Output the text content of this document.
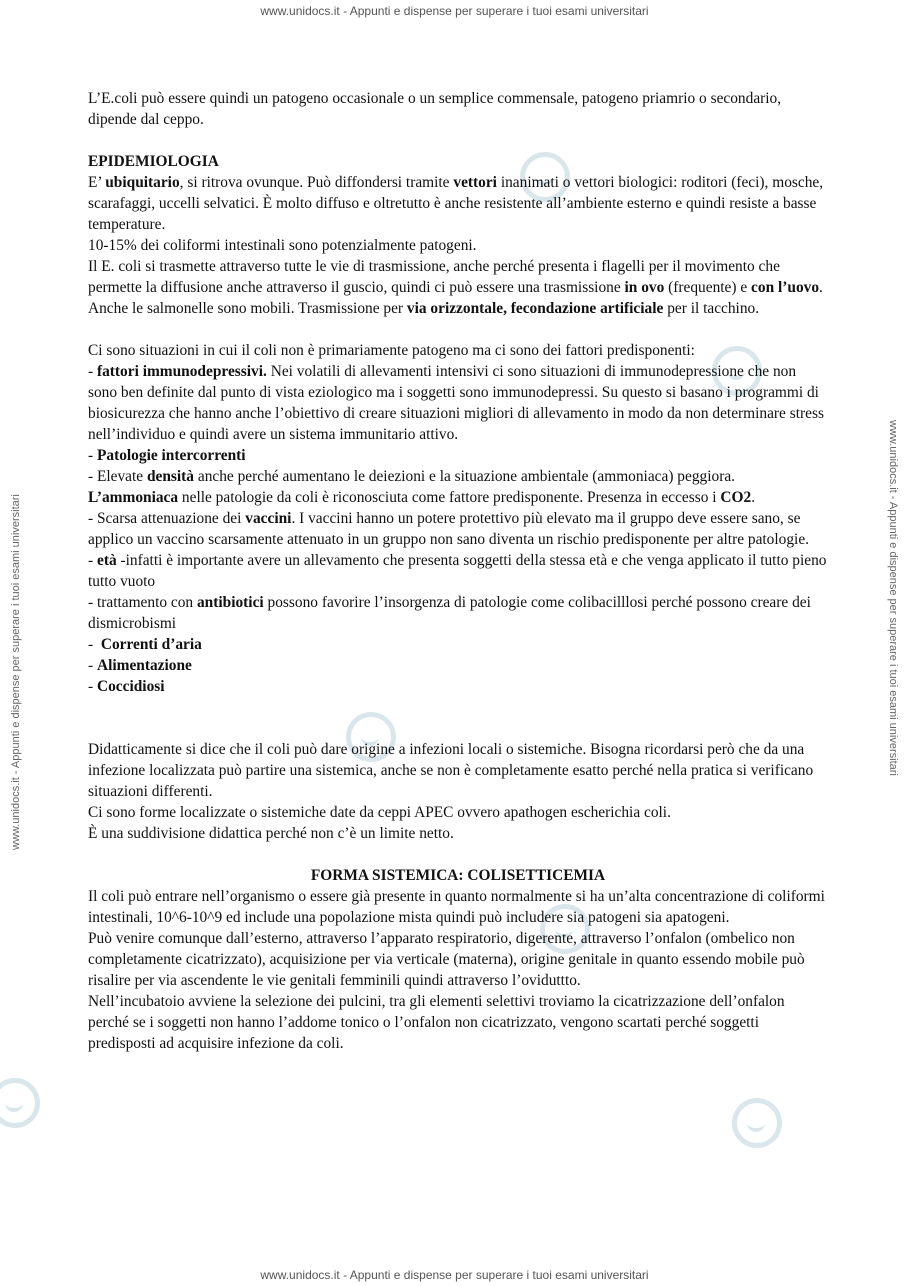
www.unidocs.it - Appunti e dispense per superare i tuoi esami universitari
www.unidocs.it - Appunti e dispense per superare i tuoi esami universitari	www.unidocs.it - Appunti e dispense per superare i tuoi esami universitari

L’E.coli può essere quindi un patogeno occasionale o un semplice commensale, patogeno priamrio o secondario, dipende dal ceppo.

EPIDEMIOLOGIA

E’ ubiquitario, si ritrova ovunque. Può diffondersi tramite vettori inanimati o vettori biologici: roditori (feci), mosche, scarafaggi, uccelli selvatici. È molto diffuso e oltretutto è anche resistente all’ambiente esterno e quindi resiste a basse temperature.

10-15% dei coliformi intestinali sono potenzialmente patogeni.

Il E. coli si trasmette attraverso tutte le vie di trasmissione, anche perché presenta i flagelli per il movimento che permette la diffusione anche attraverso il guscio, quindi ci può essere una trasmissione in ovo (frequente) e con l’uovo. Anche le salmonelle sono mobili. Trasmissione per via orizzontale, fecondazione artificiale per il tacchino.

Ci sono situazioni in cui il coli non è primariamente patogeno ma ci sono dei fattori predisponenti:

- fattori immunodepressivi. Nei volatili di allevamenti intensivi ci sono situazioni di immunodepressione che non sono ben definite dal punto di vista eziologico ma i soggetti sono immunodepressi. Su questo si basano i programmi di biosicurezza che hanno anche l’obiettivo di creare situazioni migliori di allevamento in modo da non determinare stress nell’individuo e quindi avere un sistema immunitario attivo.

- Patologie intercorrenti

- Elevate densità anche perché aumentano le deiezioni e la situazione ambientale (ammoniaca) peggiora. L’ammoniaca nelle patologie da coli è riconosciuta come fattore predisponente. Presenza in eccesso i CO2.

- Scarsa attenuazione dei vaccini. I vaccini hanno un potere protettivo più elevato ma il gruppo deve essere sano, se applico un vaccino scarsamente attenuato in un gruppo non sano diventa un rischio predisponente per altre patologie.

- età -infatti è importante avere un allevamento che presenta soggetti della stessa età e che venga applicato il tutto pieno tutto vuoto

- trattamento con antibiotici possono favorire l’insorgenza di patologie come colibacilllosi perché possono creare dei dismicrobismi

-  Correnti d’aria

- Alimentazione

- Coccidiosi

Didatticamente si dice che il coli può dare origine a infezioni locali o sistemiche. Bisogna ricordarsi però che da una infezione localizzata può partire una sistemica, anche se non è completamente esatto perché nella pratica si verificano situazioni differenti.

Ci sono forme localizzate o sistemiche date da ceppi APEC ovvero apathogen escherichia coli.

È una suddivisione didattica perché non c’è un limite netto.

FORMA SISTEMICA: COLISETTICEMIA

Il coli può entrare nell’organismo o essere già presente in quanto normalmente si ha un’alta concentrazione di coliformi intestinali, 10^6-10^9 ed include una popolazione mista quindi può includere sia patogeni sia apatogeni.

Può venire comunque dall’esterno, attraverso l’apparato respiratorio, digerente, attraverso l’onfalon (ombelico non completamente cicatrizzato), acquisizione per via verticale (materna), origine genitale in quanto essendo mobile può risalire per via ascendente le vie genitali femminili quindi attraverso l’oviduttto.

Nell’incubatoio avviene la selezione dei pulcini, tra gli elementi selettivi troviamo la cicatrizzazione dell’onfalon perché se i soggetti non hanno l’addome tonico o l’onfalon non cicatrizzato, vengono scartati perché soggetti predisposti ad acquisire infezione da coli.

www.unidocs.it - Appunti e dispense per superare i tuoi esami universitari
